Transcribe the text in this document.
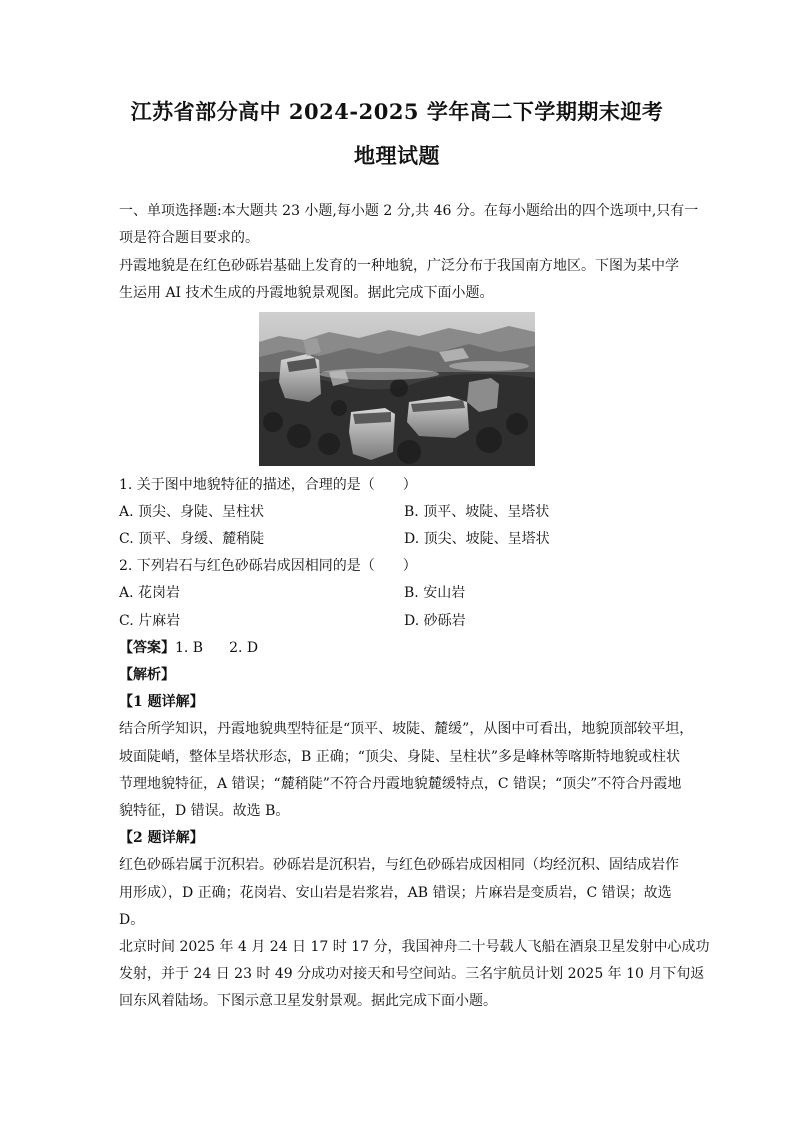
江苏省部分高中 2024-2025 学年高二下学期期末迎考
地理试题
一、单项选择题:本大题共 23 小题,每小题 2 分,共 46 分。在每小题给出的四个选项中,只有一
项是符合题目要求的。
丹霞地貌是在红色砂砾岩基础上发育的一种地貌，广泛分布于我国南方地区。下图为某中学
生运用 AI 技术生成的丹霞地貌景观图。据此完成下面小题。
1. 关于图中地貌特征的描述，合理的是（　　）
A. 顶尖、身陡、呈柱状	B. 顶平、坡陡、呈塔状
C. 顶平、身缓、麓稍陡	D. 顶尖、坡陡、呈塔状
2. 下列岩石与红色砂砾岩成因相同的是（　　）
A. 花岗岩	B. 安山岩
C. 片麻岩	D. 砂砾岩
【答案】1. B 2. D
【解析】
【1 题详解】
结合所学知识，丹霞地貌典型特征是“顶平、坡陡、麓缓”，从图中可看出，地貌顶部较平坦，
坡面陡峭，整体呈塔状形态，B 正确；“顶尖、身陡、呈柱状”多是峰林等喀斯特地貌或柱状
节理地貌特征，A 错误；“麓稍陡”不符合丹霞地貌麓缓特点，C 错误；“顶尖”不符合丹霞地
貌特征，D 错误。故选 B。
【2 题详解】
红色砂砾岩属于沉积岩。砂砾岩是沉积岩，与红色砂砾岩成因相同（均经沉积、固结成岩作
用形成），D 正确；花岗岩、安山岩是岩浆岩，AB 错误；片麻岩是变质岩，C 错误；故选
D。
北京时间 2025 年 4 月 24 日 17 时 17 分，我国神舟二十号载人飞船在酒泉卫星发射中心成功
发射，并于 24 日 23 时 49 分成功对接天和号空间站。三名宇航员计划 2025 年 10 月下旬返
回东风着陆场。下图示意卫星发射景观。据此完成下面小题。
